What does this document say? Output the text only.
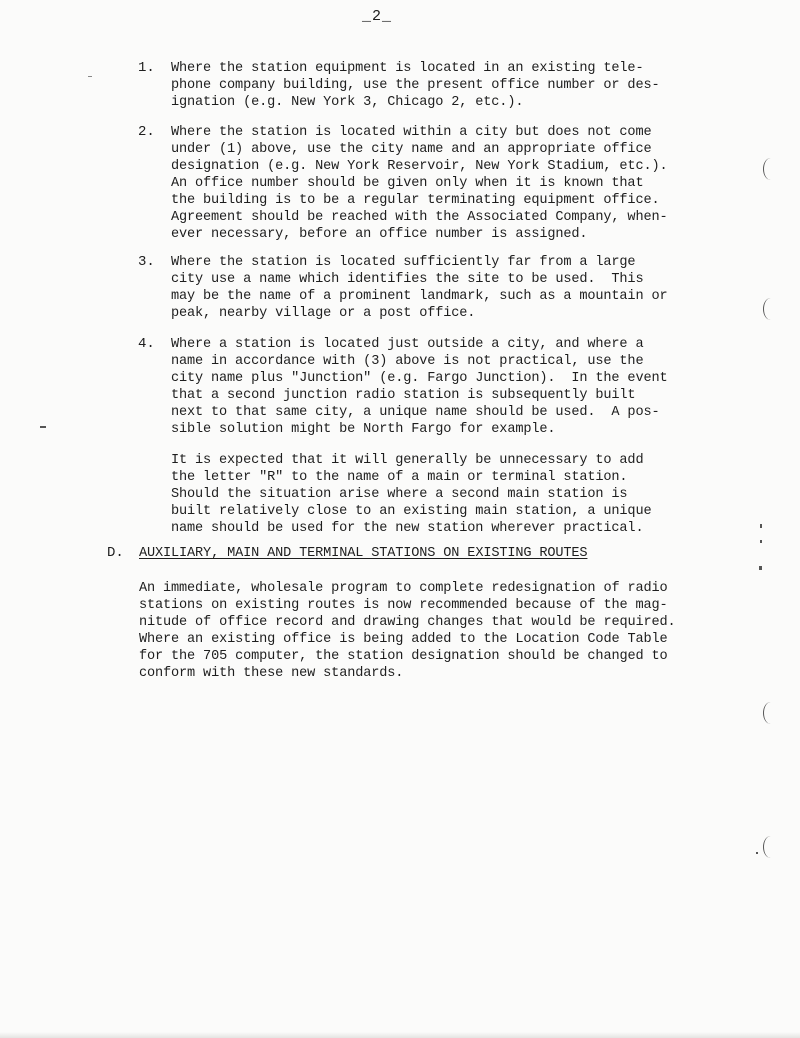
_2_
1. Where the station equipment is located in an existing tele-
phone company building, use the present office number or des-
ignation (e.g. New York 3, Chicago 2, etc.).
2. Where the station is located within a city but does not come
under (1) above, use the city name and an appropriate office
designation (e.g. New York Reservoir, New York Stadium, etc.).
An office number should be given only when it is known that
the building is to be a regular terminating equipment office.
Agreement should be reached with the Associated Company, when-
ever necessary, before an office number is assigned.
3. Where the station is located sufficiently far from a large
city use a name which identifies the site to be used.  This
may be the name of a prominent landmark, such as a mountain or
peak, nearby village or a post office.
4. Where a station is located just outside a city, and where a
name in accordance with (3) above is not practical, use the
city name plus "Junction" (e.g. Fargo Junction).  In the event
that a second junction radio station is subsequently built
next to that same city, a unique name should be used.  A pos-
sible solution might be North Fargo for example.
It is expected that it will generally be unnecessary to add
the letter "R" to the name of a main or terminal station.
Should the situation arise where a second main station is
built relatively close to an existing main station, a unique
name should be used for the new station wherever practical.
D. AUXILIARY, MAIN AND TERMINAL STATIONS ON EXISTING ROUTES
An immediate, wholesale program to complete redesignation of radio
stations on existing routes is now recommended because of the mag-
nitude of office record and drawing changes that would be required.
Where an existing office is being added to the Location Code Table
for the 705 computer, the station designation should be changed to
conform with these new standards.
